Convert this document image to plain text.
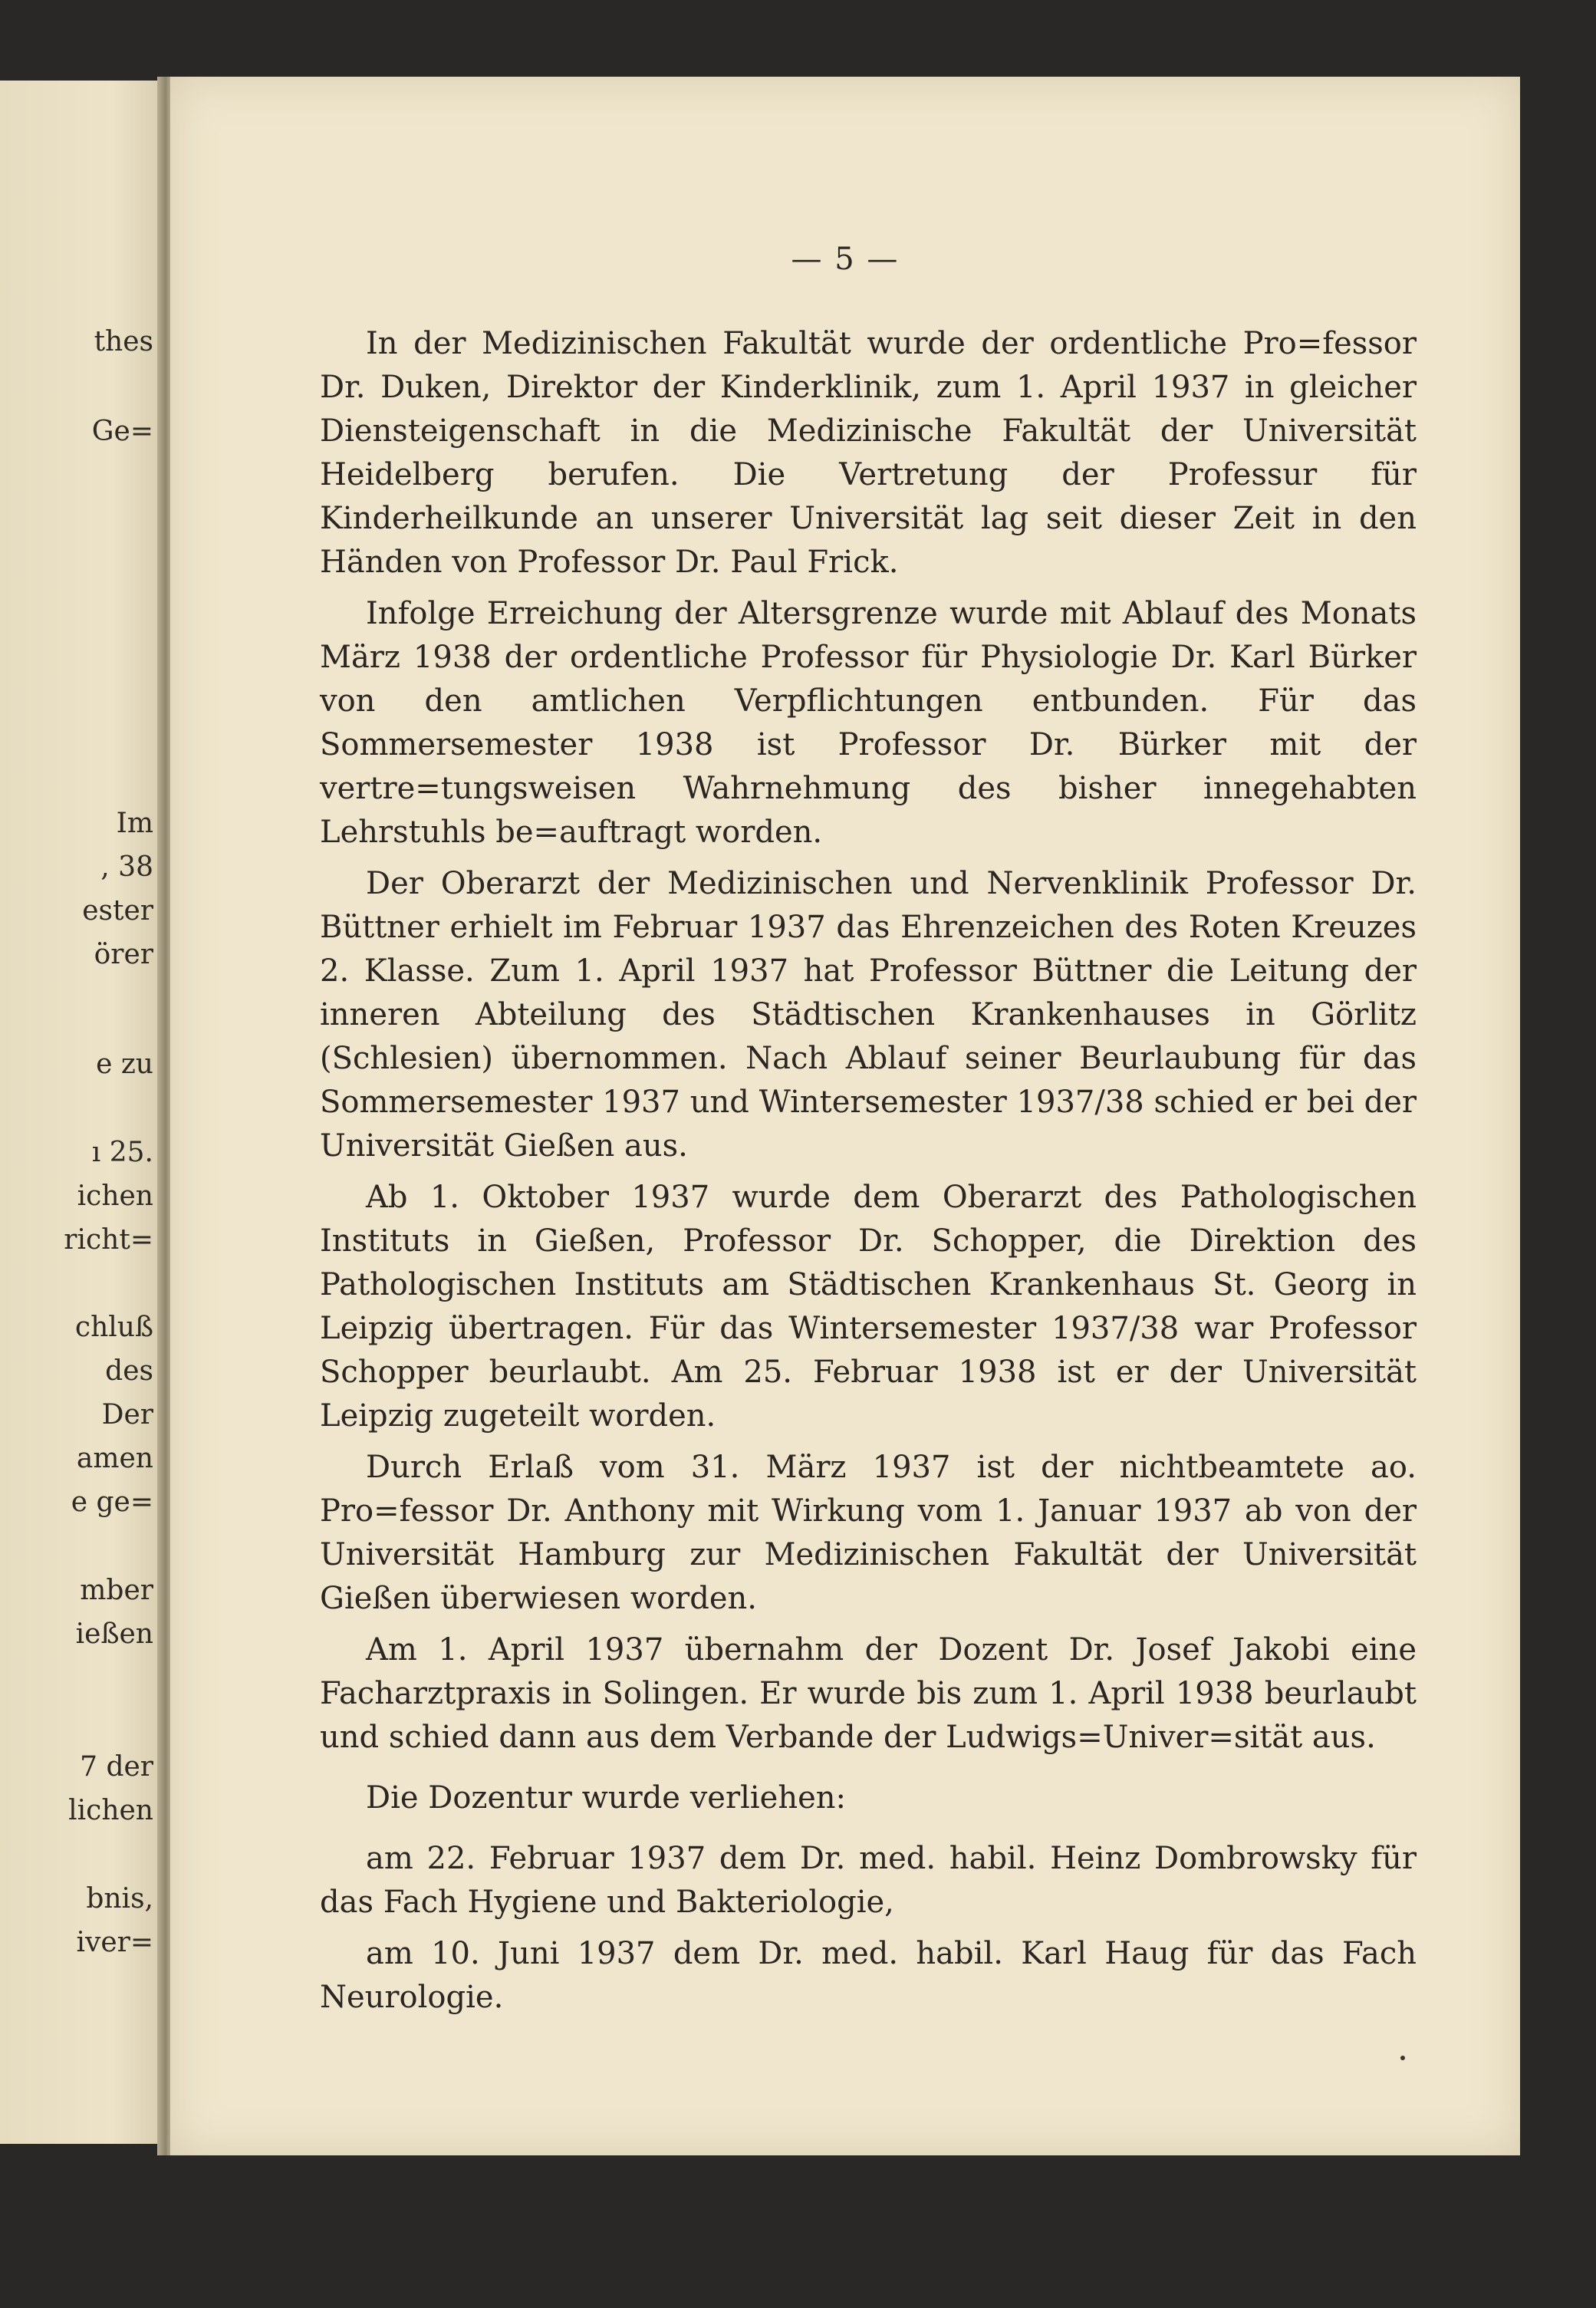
thes
Ge=
Im
, 38
ester
örer
e zu
ı 25.
ichen
richt=
chluß
des
Der
amen
e ge=
mber
ießen
7 der
lichen
bnis,
iver=
— 5 —

In der Medizinischen Fakultät wurde der ordentliche Pro=fessor Dr. Duken, Direktor der Kinderklinik, zum 1. April 1937 in gleicher Diensteigenschaft in die Medizinische Fakultät der Universität Heidelberg berufen. Die Vertretung der Professur für Kinderheilkunde an unserer Universität lag seit dieser Zeit in den Händen von Professor Dr. Paul Frick.

Infolge Erreichung der Altersgrenze wurde mit Ablauf des Monats März 1938 der ordentliche Professor für Physiologie Dr. Karl Bürker von den amtlichen Verpflichtungen entbunden. Für das Sommersemester 1938 ist Professor Dr. Bürker mit der vertre=tungsweisen Wahrnehmung des bisher innegehabten Lehrstuhls be=auftragt worden.

Der Oberarzt der Medizinischen und Nervenklinik Professor Dr. Büttner erhielt im Februar 1937 das Ehrenzeichen des Roten Kreuzes 2. Klasse. Zum 1. April 1937 hat Professor Büttner die Leitung der inneren Abteilung des Städtischen Krankenhauses in Görlitz (Schlesien) übernommen. Nach Ablauf seiner Beurlaubung für das Sommersemester 1937 und Wintersemester 1937/38 schied er bei der Universität Gießen aus.

Ab 1. Oktober 1937 wurde dem Oberarzt des Pathologischen Instituts in Gießen, Professor Dr. Schopper, die Direktion des Pathologischen Instituts am Städtischen Krankenhaus St. Georg in Leipzig übertragen. Für das Wintersemester 1937/38 war Professor Schopper beurlaubt. Am 25. Februar 1938 ist er der Universität Leipzig zugeteilt worden.

Durch Erlaß vom 31. März 1937 ist der nichtbeamtete ao. Pro=fessor Dr. Anthony mit Wirkung vom 1. Januar 1937 ab von der Universität Hamburg zur Medizinischen Fakultät der Universität Gießen überwiesen worden.

Am 1. April 1937 übernahm der Dozent Dr. Josef Jakobi eine Facharztpraxis in Solingen. Er wurde bis zum 1. April 1938 beurlaubt und schied dann aus dem Verbande der Ludwigs=Univer=sität aus.

Die Dozentur wurde verliehen:

am 22. Februar 1937 dem Dr. med. habil. Heinz Dombrowsky für das Fach Hygiene und Bakteriologie,

am 10. Juni 1937 dem Dr. med. habil. Karl Haug für das Fach Neurologie.
